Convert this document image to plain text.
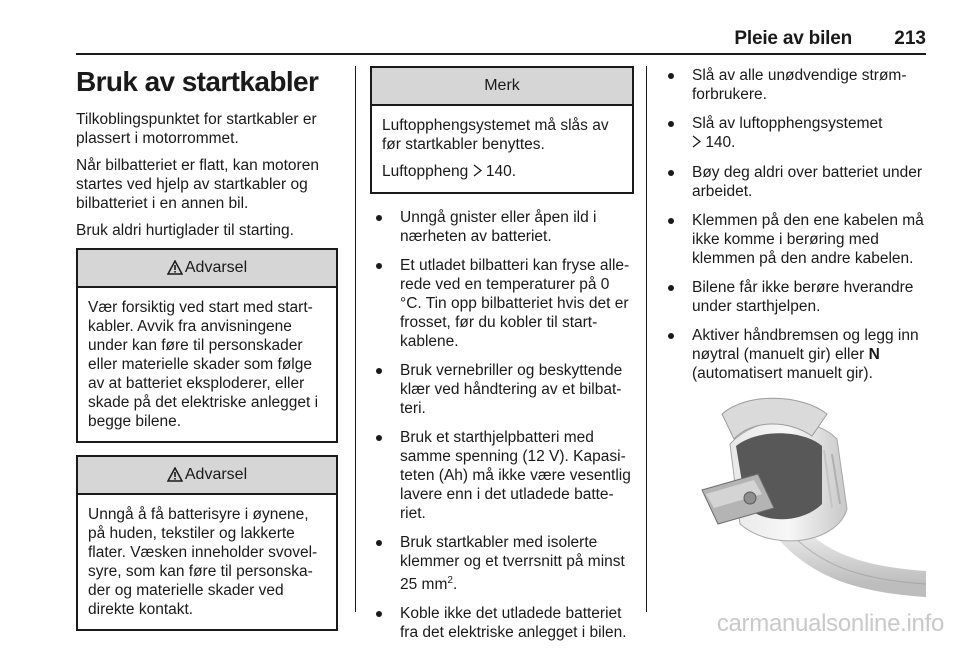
Pleie av bilen 213
Bruk av startkabler

Tilkoblingspunktet for startkabler er plassert i motorrommet.

Når bilbatteriet er flatt, kan motoren startes ved hjelp av startkabler og bilbatteriet i en annen bil.

Bruk aldri hurtiglader til starting.

Advarsel

Vær forsiktig ved start med startkabler. Avvik fra anvisningene under kan føre til personskader eller materielle skader som følge av at batteriet eksploderer, eller skade på det elektriske anlegget i begge bilene.

Advarsel

Unngå å få batterisyre i øynene, på huden, tekstiler og lakkerte flater. Væsken inneholder svovelsyre, som kan føre til personskader og materielle skader ved direkte kontakt.

Merk

Luftopphengsystemet må slås av før startkabler benyttes.

Luftoppheng 140.

Unngå gnister eller åpen ild i nærheten av batteriet.
Et utladet bilbatteri kan fryse allerede ved en temperaturer på 0 °C. Tin opp bilbatteriet hvis det er frosset, før du kobler til startkablene.
Bruk vernebriller og beskyttende klær ved håndtering av et bilbatteri.
Bruk et starthjelpbatteri med samme spenning (12 V). Kapasiteten (Ah) må ikke være vesentlig lavere enn i det utladede batteriet.
Bruk startkabler med isolerte klemmer og et tverrsnitt på minst 25 $mm^2$.
Koble ikke det utladede batteriet fra det elektriske anlegget i bilen.
Slå av alle unødvendige strømforbrukere.
Slå av luftopphengsystemet
140.
Bøy deg aldri over batteriet under arbeidet.
Klemmen på den ene kabelen må ikke komme i berøring med klemmen på den andre kabelen.
Bilene får ikke berøre hverandre under starthjelpen.
Aktiver håndbremsen og legg inn nøytral (manuelt gir) eller N (automatisert manuelt gir).
carmanualsonline.info
